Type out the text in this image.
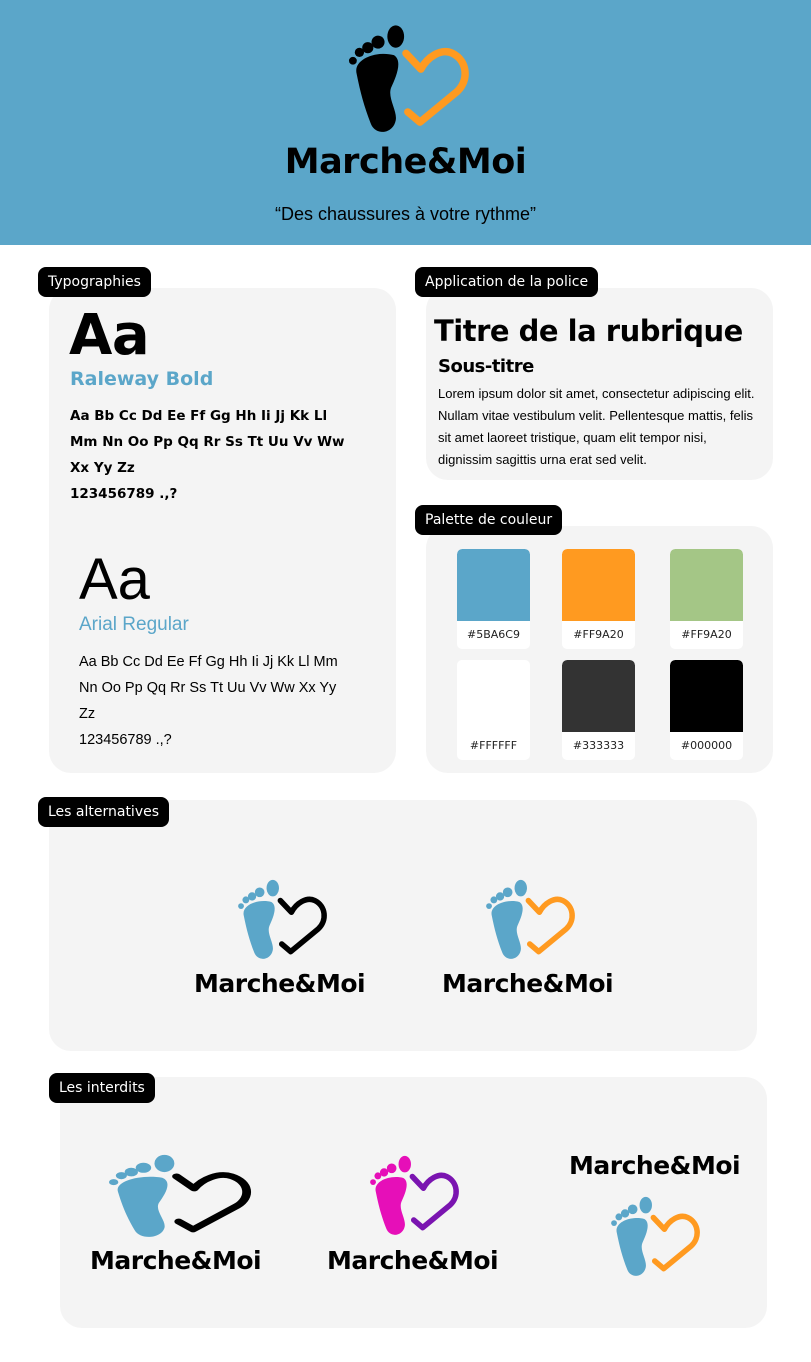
Marche&Moi
“Des chaussures à votre rythme”
Typographies
Aa
Raleway Bold
Aa Bb Cc Dd Ee Ff Gg Hh Ii Jj Kk Ll
Mm Nn Oo Pp Qq Rr Ss Tt Uu Vv Ww
Xx Yy Zz
123456789 .,?
Aa
Arial Regular
Aa Bb Cc Dd Ee Ff Gg Hh Ii Jj Kk Ll Mm
Nn Oo Pp Qq Rr Ss Tt Uu Vv Ww Xx Yy
Zz
123456789 .,?
Application de la police
Titre de la rubrique
Sous-titre
Lorem ipsum dolor sit amet, consectetur adipiscing elit. Nullam vitae vestibulum velit. Pellentesque mattis, felis sit amet laoreet tristique, quam elit tempor nisi, dignissim sagittis urna erat sed velit.
Palette de couleur
#5BA6C9	#FF9A20	#FF9A20
#FFFFFF	#333333	#000000
Les alternatives
Marche&Moi	Marche&Moi
Les interdits
Marche&Moi	Marche&Moi
Marche&Moi
